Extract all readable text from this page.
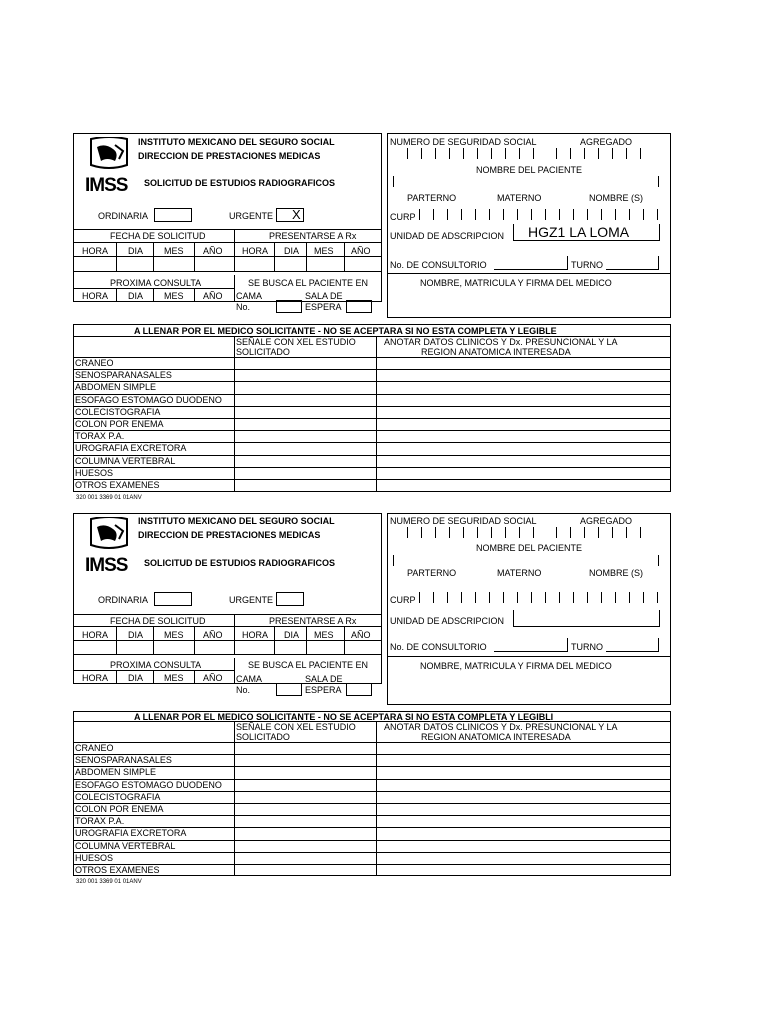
IMSS
INSTITUTO MEXICANO DEL SEGURO SOCIAL
DIRECCION DE PRESTACIONES MEDICAS
SOLICITUD DE ESTUDIOS RADIOGRAFICOS
ORDINARIA	URGENTE X
FECHA DE SOLICITUD	PRESENTARSE A Rx
HORA DIA MES AÑO HORA DIA MES AÑO
PROXIMA CONSULTA	SE BUSCA EL PACIENTE EN
HORA DIA MES AÑO CAMA	SALA DE
No.	ESPERA
NUMERO DE SEGURIDAD SOCIAL	AGREGADO
NOMBRE DEL PACIENTE
PARTERNO	MATERNO	NOMBRE (S)
CURP
UNIDAD DE ADSCRIPCION HGZ1 LA LOMA
No. DE CONSULTORIO	TURNO
NOMBRE, MATRICULA Y FIRMA DEL MEDICO
A LLENAR POR EL MEDICO SOLICITANTE - NO SE ACEPTARA SI NO ESTA COMPLETA Y LEGIBLE
SEÑALE CON XEL ESTUDIO
SOLICITADO
ANOTAR DATOS CLINICOS Y Dx. PRESUNCIONAL Y LA
REGION ANATOMICA INTERESADA
CRANEO
SENOSPARANASALES
ABDOMEN SIMPLE
ESOFAGO ESTOMAGO DUODENO
COLECISTOGRAFIA
COLON POR ENEMA
TORAX P.A.
UROGRAFIA EXCRETORA
COLUMNA VERTEBRAL
HUESOS
OTROS EXAMENES
320 001 3369 01 01ANV
IMSS
INSTITUTO MEXICANO DEL SEGURO SOCIAL
DIRECCION DE PRESTACIONES MEDICAS
SOLICITUD DE ESTUDIOS RADIOGRAFICOS
ORDINARIA	URGENTE
FECHA DE SOLICITUD	PRESENTARSE A Rx
HORA DIA MES AÑO HORA DIA MES AÑO
PROXIMA CONSULTA	SE BUSCA EL PACIENTE EN
HORA DIA MES AÑO CAMA	SALA DE
No.	ESPERA
NUMERO DE SEGURIDAD SOCIAL	AGREGADO
NOMBRE DEL PACIENTE
PARTERNO	MATERNO	NOMBRE (S)
CURP
UNIDAD DE ADSCRIPCION
No. DE CONSULTORIO	TURNO
NOMBRE, MATRICULA Y FIRMA DEL MEDICO
A LLENAR POR EL MEDICO SOLICITANTE - NO SE ACEPTARA SI NO ESTA COMPLETA Y LEGIBLI
SEÑALE CON XEL ESTUDIO
SOLICITADO
ANOTAR DATOS CLINICOS Y Dx. PRESUNCIONAL Y LA
REGION ANATOMICA INTERESADA
CRANEO
SENOSPARANASALES
ABDOMEN SIMPLE
ESOFAGO ESTOMAGO DUODENO
COLECISTOGRAFIA
COLON POR ENEMA
TORAX P.A.
UROGRAFIA EXCRETORA
COLUMNA VERTEBRAL
HUESOS
OTROS EXAMENES
320 001 3369 01 01ANV
